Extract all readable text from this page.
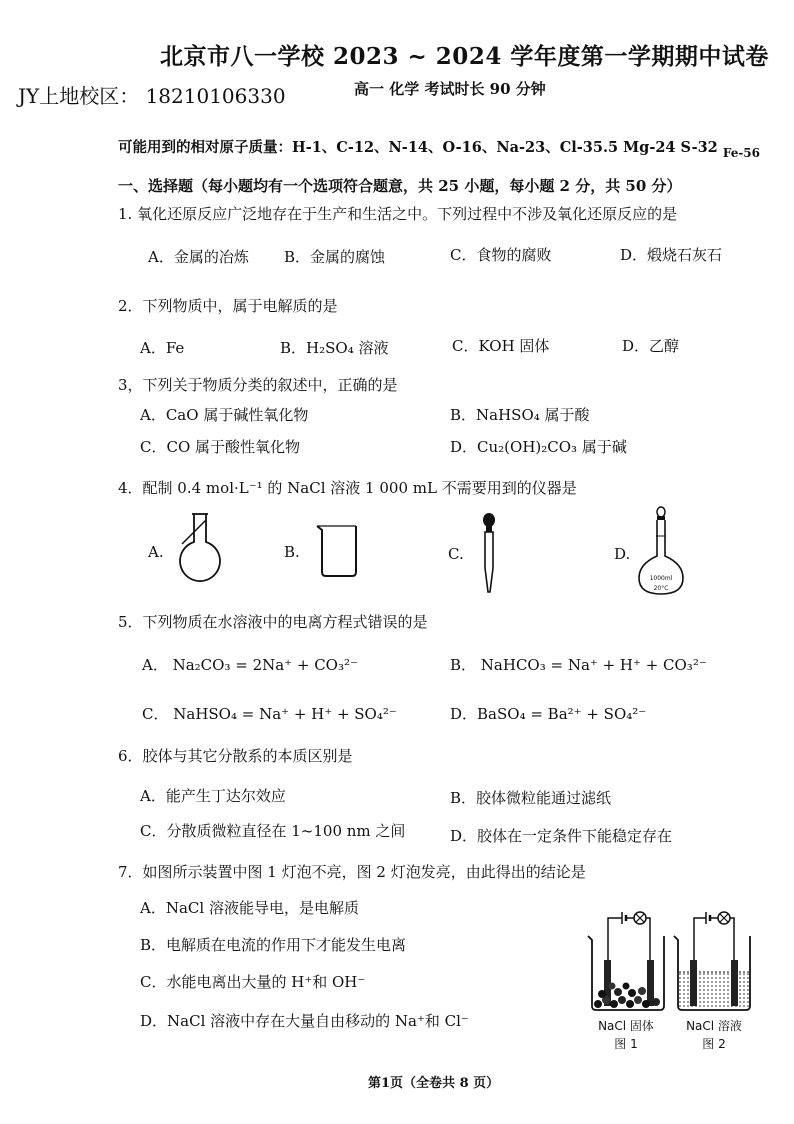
北京市八一学校 2023 ~ 2024 学年度第一学期期中试卷
JY上地校区： 18210106330	高一 化学 考试时长 90 分钟
可能用到的相对原子质量：H-1、C-12、N-14、O-16、Na-23、Cl-35.5 Mg-24 S-32 $_{Fe-56}$
一、选择题（每小题均有一个选项符合题意，共 25 小题，每小题 2 分，共 50 分）
1. 氧化还原反应广泛地存在于生产和生活之中。下列过程中不涉及氧化还原反应的是
A．金属的冶炼 B．金属的腐蚀	C．食物的腐败	D．煅烧石灰石
2．下列物质中，属于电解质的是
A．Fe	B．H₂SO₄ 溶液	C．KOH 固体	D．乙醇
3，下列关于物质分类的叙述中，正确的是
A．CaO 属于碱性氧化物	B．NaHSO₄ 属于酸
C．CO 属于酸性氧化物	D．Cu₂(OH)₂CO₃ 属于碱
4．配制 0.4 mol·L⁻¹ 的 NaCl 溶液 1 000 mL 不需要用到的仪器是
A.	B.	C.	D.
1000ml
20°C
5．下列物质在水溶液中的电离方程式错误的是
A． Na₂CO₃ = 2Na⁺ + CO₃²⁻	B． NaHCO₃ = Na⁺ + H⁺ + CO₃²⁻
C． NaHSO₄ = Na⁺ + H⁺ + SO₄²⁻	D．BaSO₄ = Ba²⁺ + SO₄²⁻
6．胶体与其它分散系的本质区别是
A．能产生丁达尔效应	B．胶体微粒能通过滤纸
C．分散质微粒直径在 1~100 nm 之间	D．胶体在一定条件下能稳定存在
7．如图所示装置中图 1 灯泡不亮，图 2 灯泡发亮，由此得出的结论是
A．NaCl 溶液能导电，是电解质
B．电解质在电流的作用下才能发生电离
C．水能电离出大量的 H⁺和 OH⁻
D．NaCl 溶液中存在大量自由移动的 Na⁺和 Cl⁻	NaCl 固体
图 1
NaCl 溶液
图 2
第1页（全卷共 8 页）
